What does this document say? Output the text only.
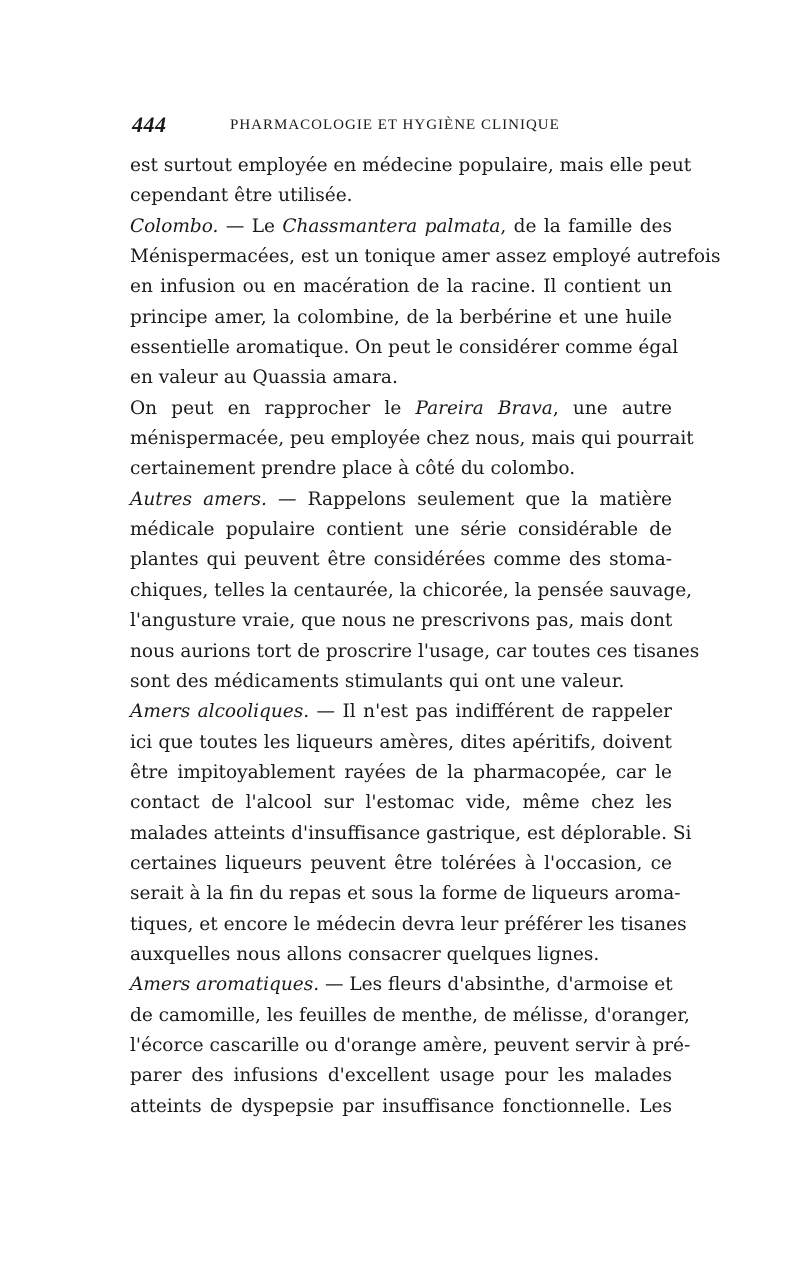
444	PHARMACOLOGIE ET HYGIÈNE CLINIQUE
est surtout employée en médecine populaire, mais elle peut
cependant être utilisée.
Colombo. — Le Chassmantera palmata, de la famille des
Ménispermacées, est un tonique amer assez employé autrefois
en infusion ou en macération de la racine. Il contient un
principe amer, la colombine, de la berbérine et une huile
essentielle aromatique. On peut le considérer comme égal
en valeur au Quassia amara.
On peut en rapprocher le Pareira Brava, une autre
ménispermacée, peu employée chez nous, mais qui pourrait
certainement prendre place à côté du colombo.
Autres amers. — Rappelons seulement que la matière
médicale populaire contient une série considérable de
plantes qui peuvent être considérées comme des stoma-
chiques, telles la centaurée, la chicorée, la pensée sauvage,
l'angusture vraie, que nous ne prescrivons pas, mais dont
nous aurions tort de proscrire l'usage, car toutes ces tisanes
sont des médicaments stimulants qui ont une valeur.
Amers alcooliques. — Il n'est pas indifférent de rappeler
ici que toutes les liqueurs amères, dites apéritifs, doivent
être impitoyablement rayées de la pharmacopée, car le
contact de l'alcool sur l'estomac vide, même chez les
malades atteints d'insuffisance gastrique, est déplorable. Si
certaines liqueurs peuvent être tolérées à l'occasion, ce
serait à la fin du repas et sous la forme de liqueurs aroma-
tiques, et encore le médecin devra leur préférer les tisanes
auxquelles nous allons consacrer quelques lignes.
Amers aromatiques. — Les fleurs d'absinthe, d'armoise et
de camomille, les feuilles de menthe, de mélisse, d'oranger,
l'écorce cascarille ou d'orange amère, peuvent servir à pré-
parer des infusions d'excellent usage pour les malades
atteints de dyspepsie par insuffisance fonctionnelle. Les
